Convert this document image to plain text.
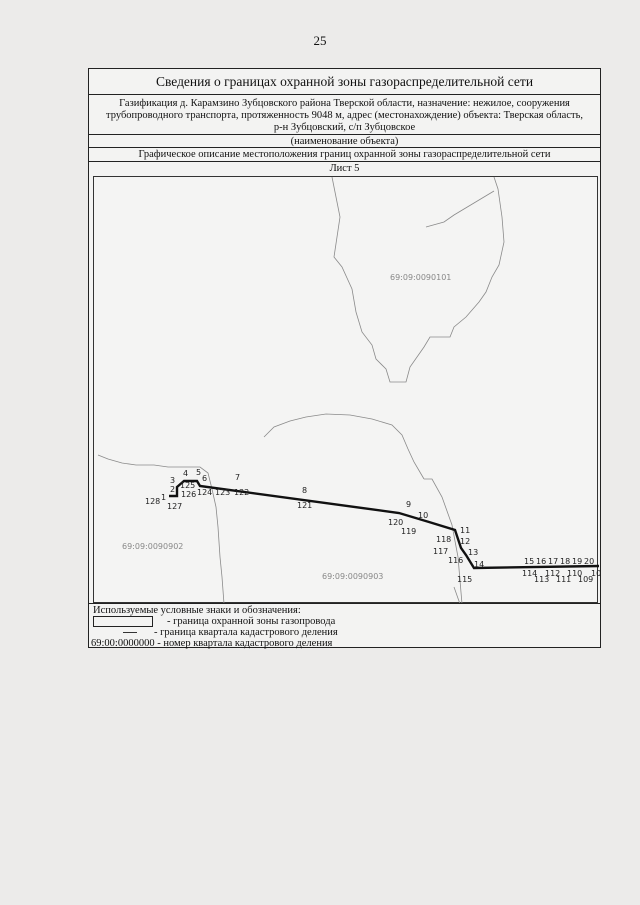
25
Сведения о границах охранной зоны газораспределительной сети
Газификация д. Карамзино Зубцовского района Тверской области, назначение: нежилое, сооружения
трубопроводного транспорта, протяженность 9048 м, адрес (местонахождение) объекта: Тверская область,
р-н Зубцовский, с/п Зубцовское
(наименование объекта)
Графическое описание местоположения границ охранной зоны газораспределительной сети
Лист 5
1
2
3
4 5
6	7
8
9
10
11
12
13
14	15 16 17 18 19 20
125
126
127
128
124 123 122
121
120
119
118
117
116
115
114
113
112
111
110
109
10
69:09:0090101
69:09:0090902
69:09:0090903
Используемые условные знаки и обозначения:
- граница охранной зоны газопровода
- граница квартала кадастрового деления
69:00:0000000 - номер квартала кадастрового деления
